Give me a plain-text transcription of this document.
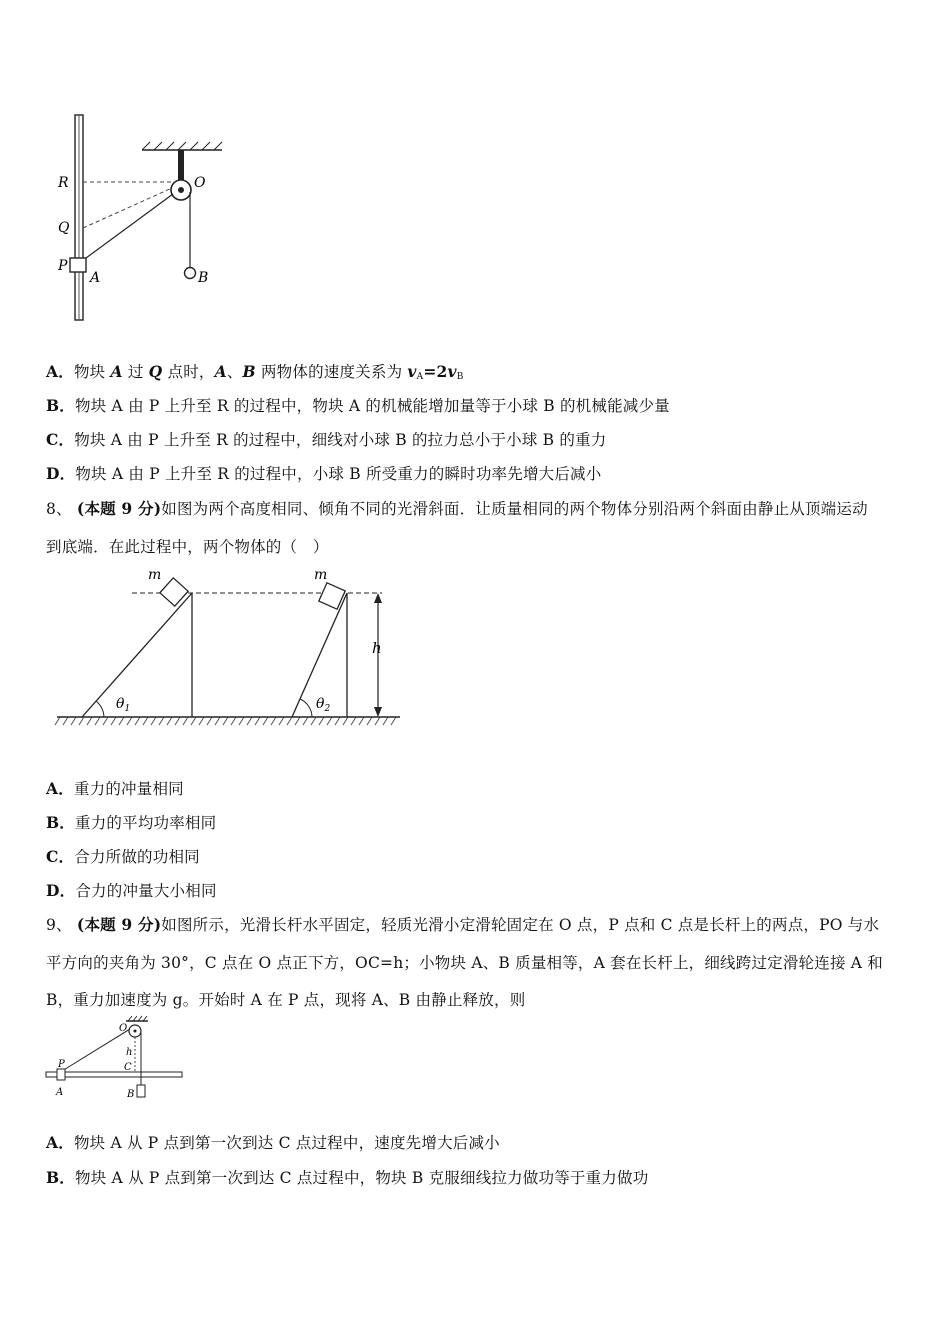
R
Q
P
A
O
B
A．物块 A 过 Q 点时，A、B 两物体的速度关系为 $v_A=2v_B$
B．物块 A 由 P 上升至 R 的过程中，物块 A 的机械能增加量等于小球 B 的机械能减少量
C．物块 A 由 P 上升至 R 的过程中，细线对小球 B 的拉力总小于小球 B 的重力
D．物块 A 由 P 上升至 R 的过程中，小球 B 所受重力的瞬时功率先增大后减小
8、 (本题 9 分)如图为两个高度相同、倾角不同的光滑斜面．让质量相同的两个物体分别沿两个斜面由静止从顶端运动
到底端．在此过程中，两个物体的（　）
m	m
h
$\theta_1$	$\theta_2$
A．重力的冲量相同
B．重力的平均功率相同
C．合力所做的功相同
D．合力的冲量大小相同
9、 (本题 9 分)如图所示，光滑长杆水平固定，轻质光滑小定滑轮固定在 O 点，P 点和 C 点是长杆上的两点，PO 与水
平方向的夹角为 30°，C 点在 O 点正下方，OC=h；小物块 A、B 质量相等，A 套在长杆上，细线跨过定滑轮连接 A 和
B，重力加速度为 g。开始时 A 在 P 点，现将 A、B 由静止释放，则
O
P
h
C
A	B
A．物块 A 从 P 点到第一次到达 C 点过程中，速度先增大后减小
B．物块 A 从 P 点到第一次到达 C 点过程中，物块 B 克服细线拉力做功等于重力做功
